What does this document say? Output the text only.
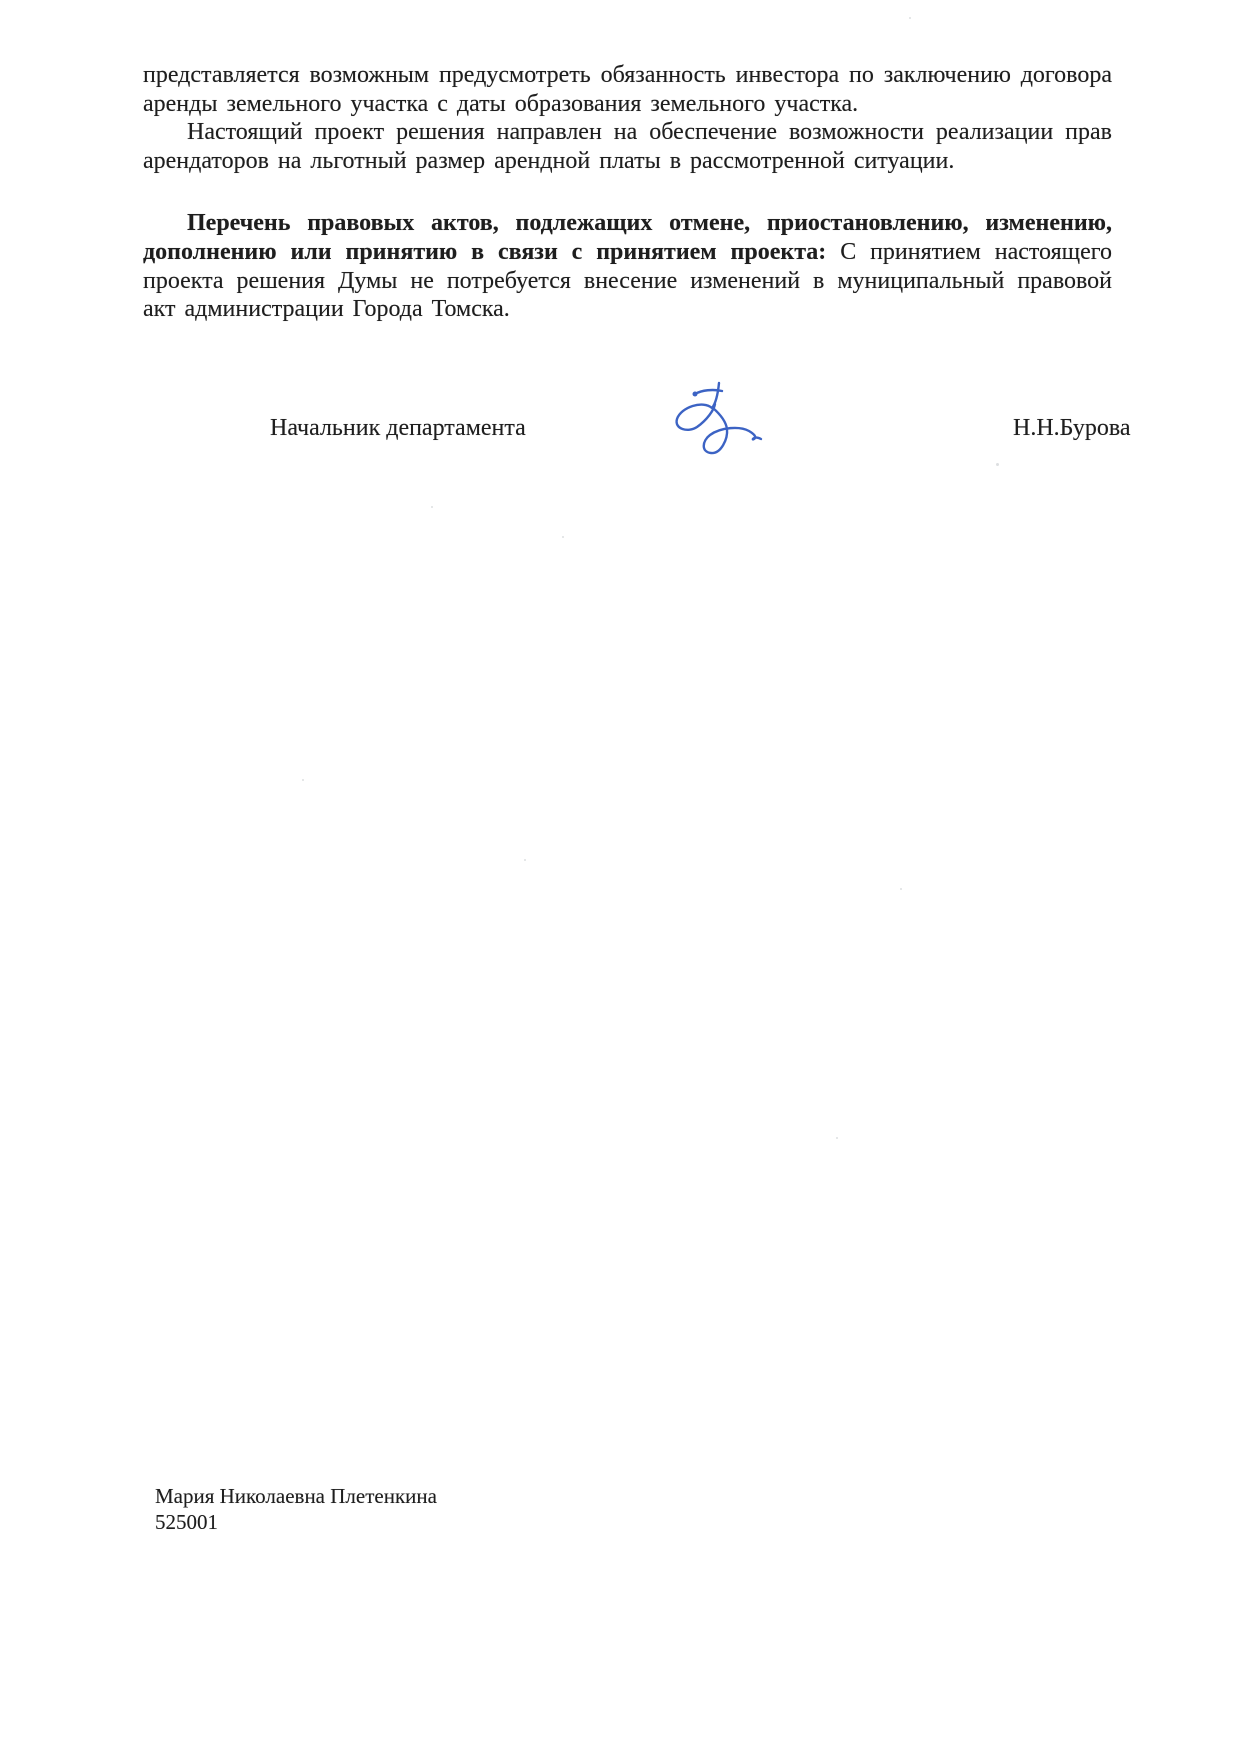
представляется возможным предусмотреть обязанность инвестора по заключению договора аренды земельного участка с даты образования земельного участка.

Настоящий проект решения направлен на обеспечение возможности реализации прав арендаторов на льготный размер арендной платы в рассмотренной ситуации.

Перечень правовых актов, подлежащих отмене, приостановлению, изменению, дополнению или принятию в связи с принятием проекта: С принятием настоящего проекта решения Думы не потребуется внесение изменений в муниципальный правовой акт администрации Города Томска.

Начальник департамента	Н.Н.Бурова
Мария Николаевна Плетенкина
525001
